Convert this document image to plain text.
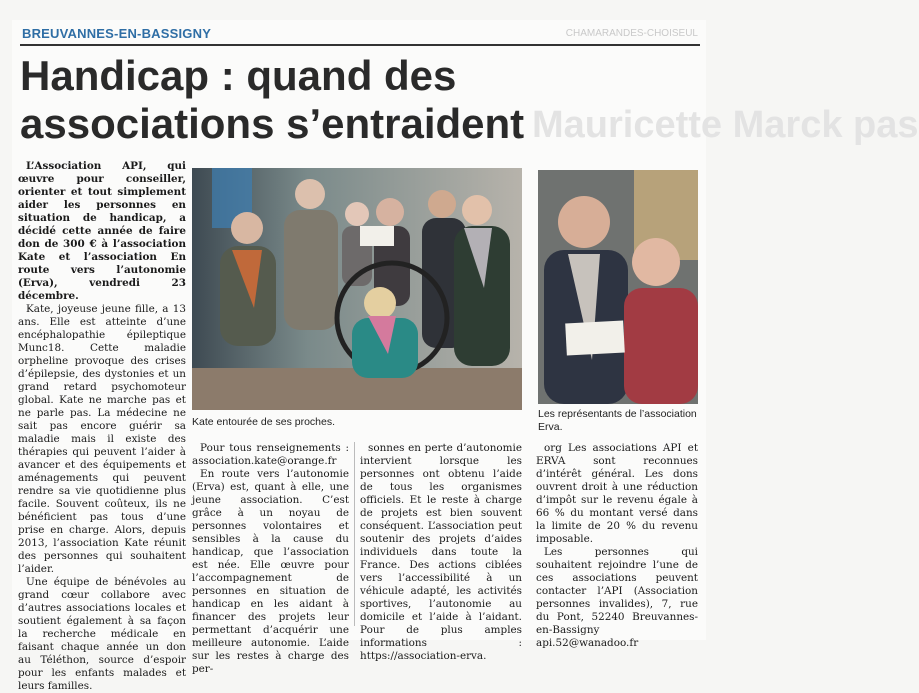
BREUVANNES-EN-BASSIGNY	CHAMARANDES-CHOISEUL
Mauricette Marck pas
Handicap : quand des associations s’entraident

L’Association API, qui œuvre pour conseiller, orienter et tout simplement aider les personnes en situation de handicap, a décidé cette année de faire don de 300 € à l’association Kate et l’association En route vers l’autonomie (Erva), vendredi 23 décembre.

Kate, joyeuse jeune fille, a 13 ans. Elle est atteinte d’une encéphalopathie épileptique Munc18. Cette maladie orpheline provoque des crises d’épilepsie, des dystonies et un grand retard psychomoteur global. Kate ne marche pas et ne parle pas. La médecine ne sait pas encore guérir sa maladie mais il existe des thérapies qui peuvent l’aider à avancer et des équipements et aménagements qui peuvent rendre sa vie quotidienne plus facile. Souvent coûteux, ils ne bénéficient pas tous d’une prise en charge. Alors, depuis 2013, l’association Kate réunit des personnes qui souhaitent l’aider.

Une équipe de bénévoles au grand cœur collabore avec d’autres associations locales et soutient également à sa façon la recherche médicale en faisant chaque année un don au Téléthon, source d’espoir pour les enfants malades et leurs familles.

Kate entourée de ses proches.
Les représentants de l’association Erva.

Pour tous renseignements : association.kate@orange.fr

En route vers l’autonomie (Erva) est, quant à elle, une jeune association. C’est grâce à un noyau de personnes volontaires et sensibles à la cause du handicap, que l’association est née. Elle œuvre pour l’accompagnement de personnes en situation de handicap en les aidant à financer des projets leur permettant d’acquérir une meilleure autonomie. L’aide sur les restes à charge des per-

sonnes en perte d’autonomie intervient lorsque les personnes ont obtenu l’aide de tous les organismes officiels. Et le reste à charge de projets est bien souvent conséquent. L’association peut soutenir des projets d’aides individuels dans toute la France. Des actions ciblées vers l’accessibilité à un véhicule adapté, les activités sportives, l’autonomie au domicile et l’aide à l’aidant. Pour de plus amples informations : https://association-erva.

org Les associations API et ERVA sont reconnues d’intérêt général. Les dons ouvrent droit à une réduction d’impôt sur le revenu égale à 66 % du montant versé dans la limite de 20 % du revenu imposable.

Les personnes qui souhaitent rejoindre l’une de ces associations peuvent contacter l’API (Association personnes invalides), 7, rue du Pont, 52240 Breuvannes-en-Bassigny api.52@wanadoo.fr
